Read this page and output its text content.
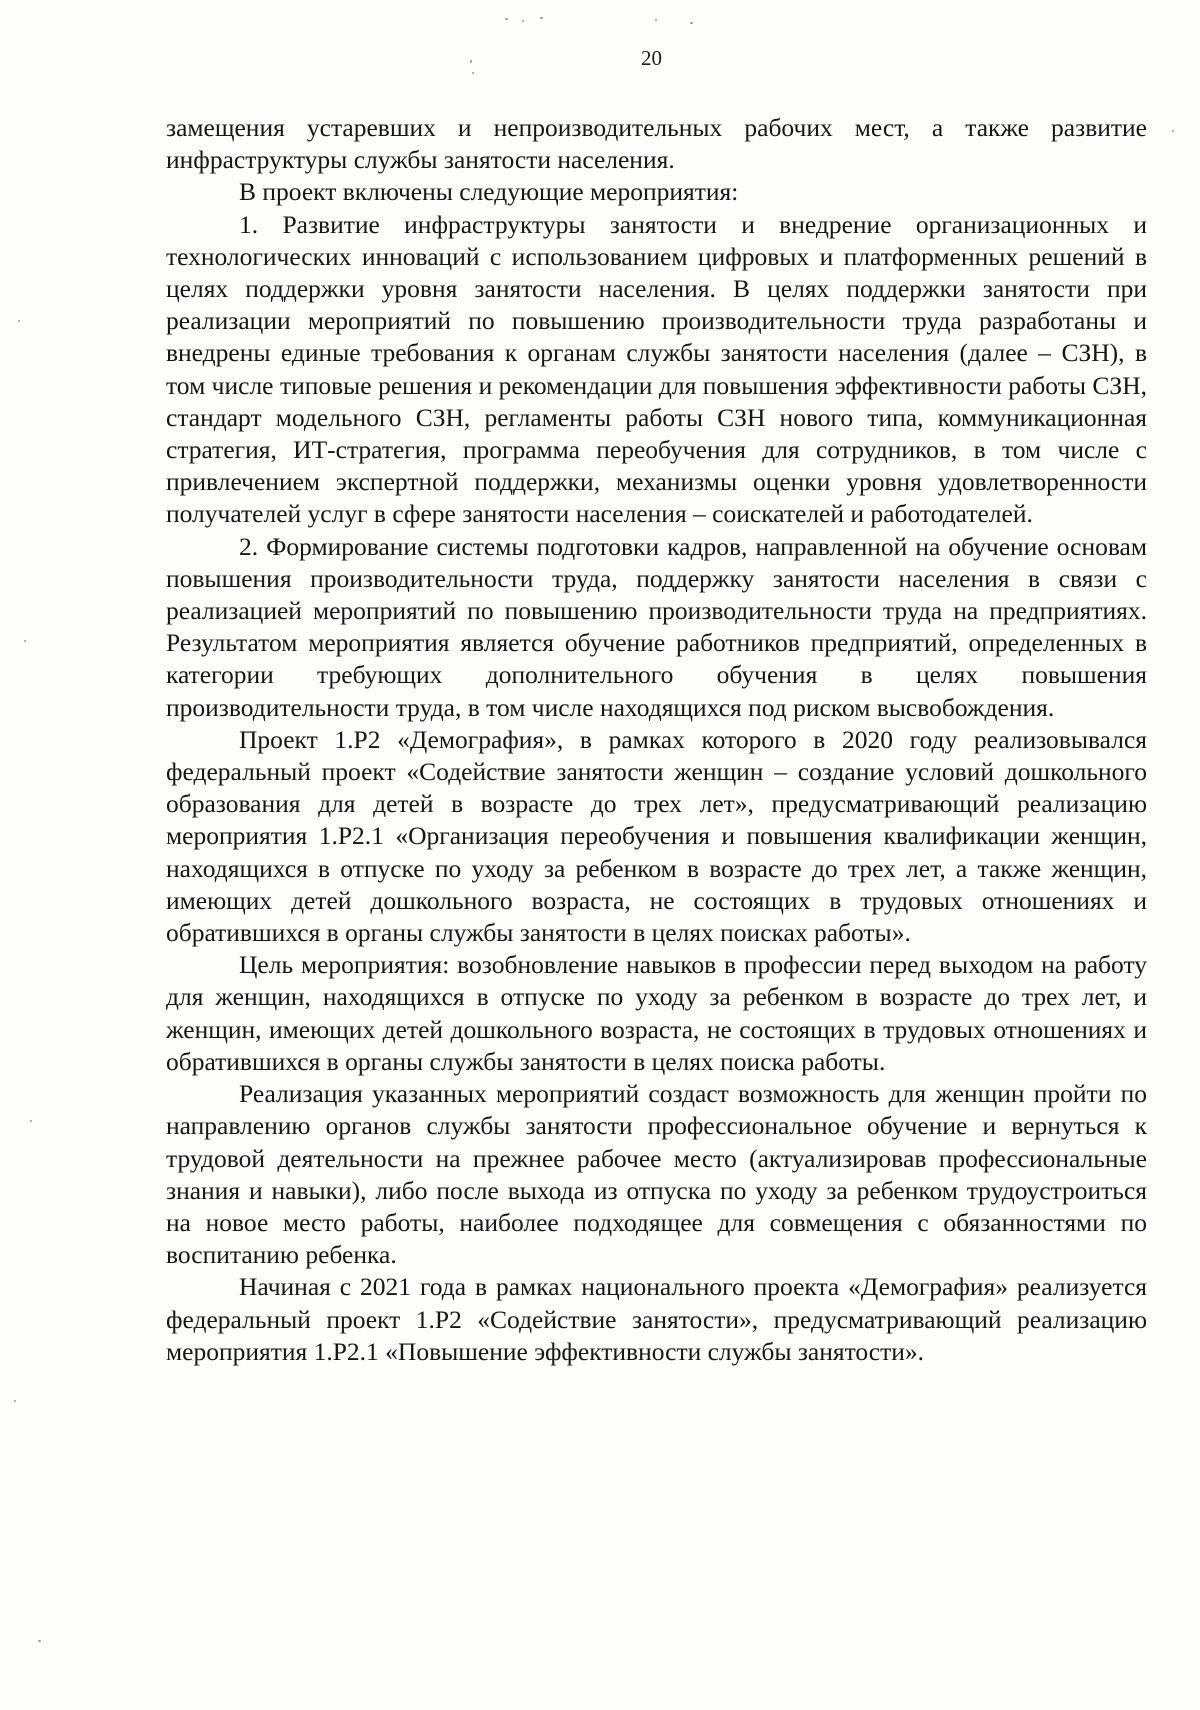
20

замещения устаревших и непроизводительных рабочих мест, а также развитие инфраструктуры службы занятости населения.

В проект включены следующие мероприятия:

1. Развитие инфраструктуры занятости и внедрение организационных и технологических инноваций с использованием цифровых и платформенных решений в целях поддержки уровня занятости населения. В целях поддержки занятости при реализации мероприятий по повышению производительности труда разработаны и внедрены единые требования к органам службы занятости населения (далее – СЗН), в том числе типовые решения и рекомендации для повышения эффективности работы СЗН, стандарт модельного СЗН, регламенты работы СЗН нового типа, коммуникационная стратегия, ИТ-стратегия, программа переобучения для сотрудников, в том числе с привлечением экспертной поддержки, механизмы оценки уровня удовлетворенности получателей услуг в сфере занятости населения – соискателей и работодателей.

2. Формирование системы подготовки кадров, направленной на обучение основам повышения производительности труда, поддержку занятости населения в связи с реализацией мероприятий по повышению производительности труда на предприятиях. Результатом мероприятия является обучение работников предприятий, определенных в категории требующих дополнительного обучения в целях повышения производительности труда, в том числе находящихся под риском высвобождения.

Проект 1.P2 «Демография», в рамках которого в 2020 году реализовывался федеральный проект «Содействие занятости женщин – создание условий дошкольного образования для детей в возрасте до трех лет», предусматривающий реализацию мероприятия 1.P2.1 «Организация переобучения и повышения квалификации женщин, находящихся в отпуске по уходу за ребенком в возрасте до трех лет, а также женщин, имеющих детей дошкольного возраста, не состоящих в трудовых отношениях и обратившихся в органы службы занятости в целях поисках работы».

Цель мероприятия: возобновление навыков в профессии перед выходом на работу для женщин, находящихся в отпуске по уходу за ребенком в возрасте до трех лет, и женщин, имеющих детей дошкольного возраста, не состоящих в трудовых отношениях и обратившихся в органы службы занятости в целях поиска работы.

Реализация указанных мероприятий создаст возможность для женщин пройти по направлению органов службы занятости профессиональное обучение и вернуться к трудовой деятельности на прежнее рабочее место (актуализировав профессиональные знания и навыки), либо после выхода из отпуска по уходу за ребенком трудоустроиться на новое место работы, наиболее подходящее для совмещения с обязанностями по воспитанию ребенка.

Начиная с 2021 года в рамках национального проекта «Демография» реализуется федеральный проект 1.P2 «Содействие занятости», предусматривающий реализацию мероприятия 1.P2.1 «Повышение эффективности службы занятости».
